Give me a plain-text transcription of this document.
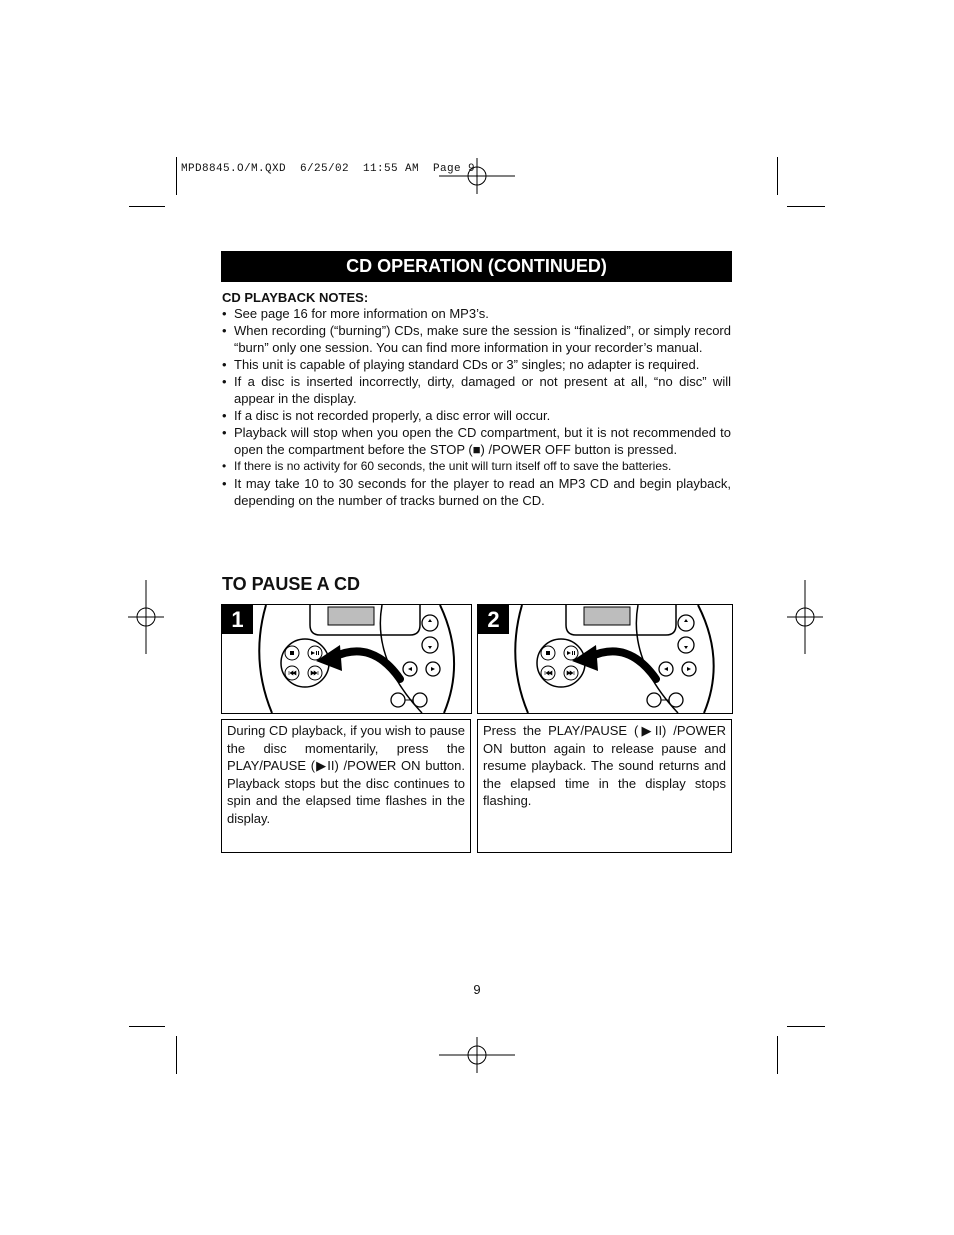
MPD8845.O/M.QXD  6/25/02  11:55 AM  Page 9
CD OPERATION (CONTINUED)
CD PLAYBACK NOTES:
• See page 16 for more information on MP3’s.
• When recording (“burning”) CDs, make sure the session is “finalized”, or simply record “burn” only one session. You can find more information in your recorder’s manual.
• This unit is capable of playing standard CDs or 3” singles; no adapter is required.
• If a disc is inserted incorrectly, dirty, damaged or not present at all, “no disc” will appear in the display.
• If a disc is not recorded properly, a disc error will occur.
• Playback will stop when you open the CD compartment, but it is not recommended to open the compartment before the STOP (■) /POWER OFF button is pressed.
• If there is no activity for 60 seconds, the unit will turn itself off to save the batteries.
• It may take 10 to 30 seconds for the player to read an MP3 CD and begin playback, depending on the number of tracks burned on the CD.
TO PAUSE A CD
1	2
During CD playback, if you wish to pause the disc momentarily, press the PLAY/PAUSE (▶II) /POWER ON button. Playback stops but the disc continues to spin and the elapsed time flashes in the display.
Press the PLAY/PAUSE (▶II) /POWER ON button again to release pause and resume playback. The sound returns and the elapsed time in the display stops flashing.
9
